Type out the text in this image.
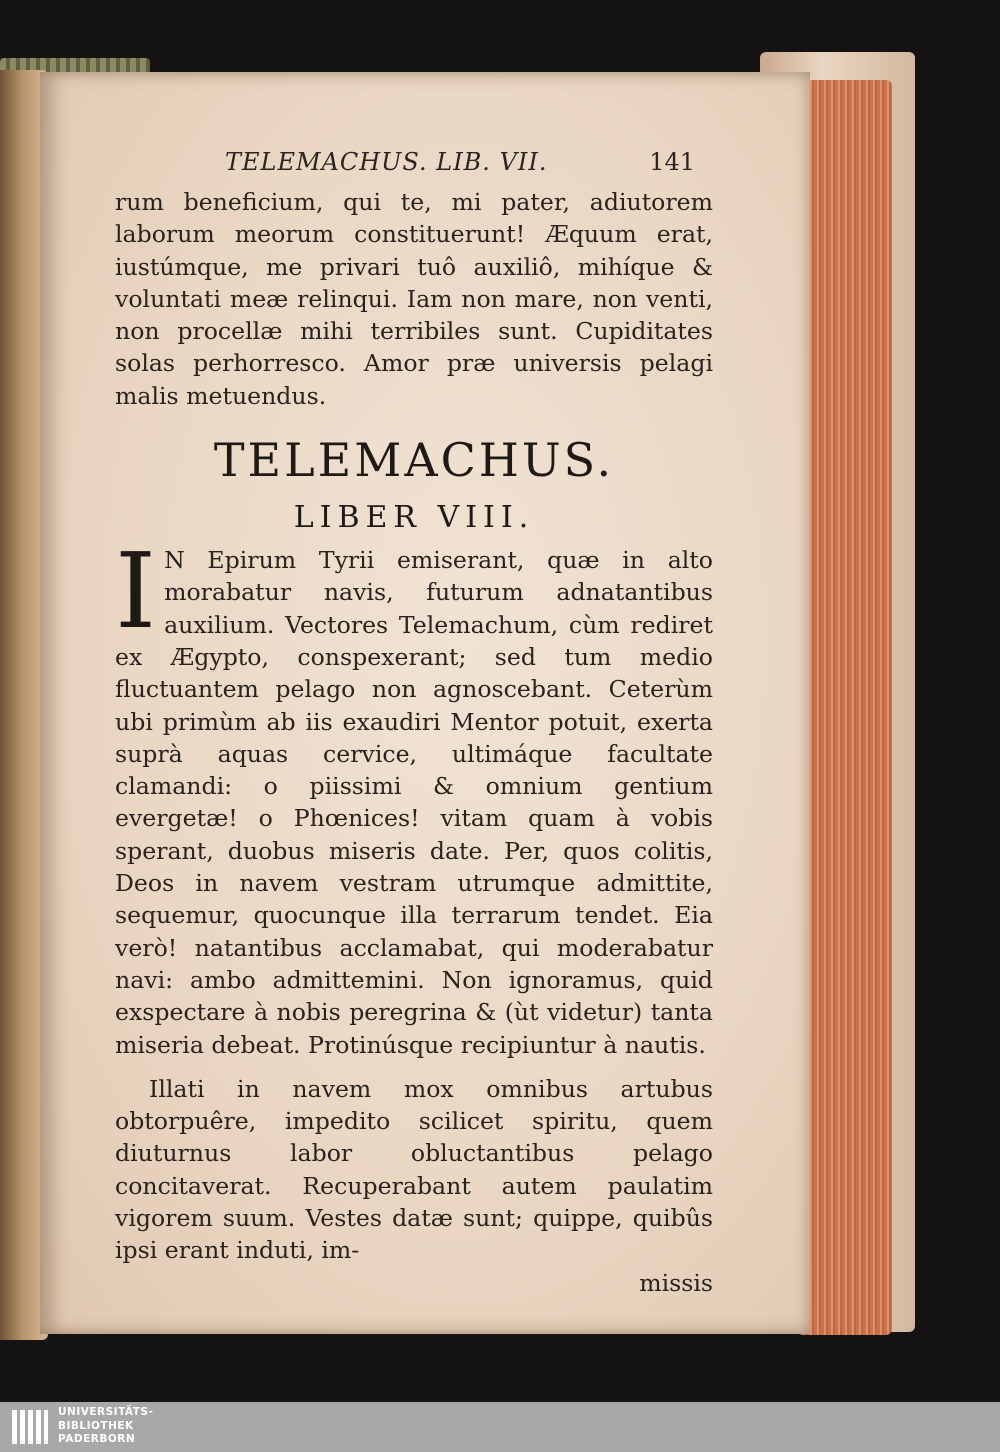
TELEMACHUS. LIB. VII.	141

rum beneficium, qui te, mi pater, adiutorem laborum meorum constituerunt! Æquum erat, iustúmque, me privari tuô auxiliô, mihíque & voluntati meæ relinqui. Iam non mare, non venti, non procellæ mihi terribiles sunt. Cupiditates solas perhorresco. Amor præ universis pelagi malis metuendus.

TELEMACHUS.
LIBER VIII.

I N Epirum Tyrii emiserant, quæ in alto morabatur navis, futurum adnatantibus auxilium. Vectores Telemachum, cùm rediret ex Ægypto, conspexerant; sed tum medio fluctuantem pelago non agnoscebant. Ceterùm ubi primùm ab iis exaudiri Mentor potuit, exerta suprà aquas cervice, ultimáque facultate clamandi: o piissimi & omnium gentium evergetæ! o Phœnices! vitam quam à vobis sperant, duobus miseris date. Per, quos colitis, Deos in navem vestram utrumque admittite, sequemur, quocunque illa terrarum tendet. Eia verò! natantibus acclamabat, qui moderabatur navi: ambo admittemini. Non ignoramus, quid exspectare à nobis peregrina & (ùt videtur) tanta miseria debeat. Protinúsque recipiuntur à nautis.

Illati in navem mox omnibus artubus obtorpuêre, impedito scilicet spiritu, quem diuturnus labor obluctantibus pelago concitaverat. Recuperabant autem paulatim vigorem suum. Vestes datæ sunt; quippe, quibûs ipsi erant induti, im-

missis
UNIVERSITÄTS-
BIBLIOTHEK
PADERBORN
